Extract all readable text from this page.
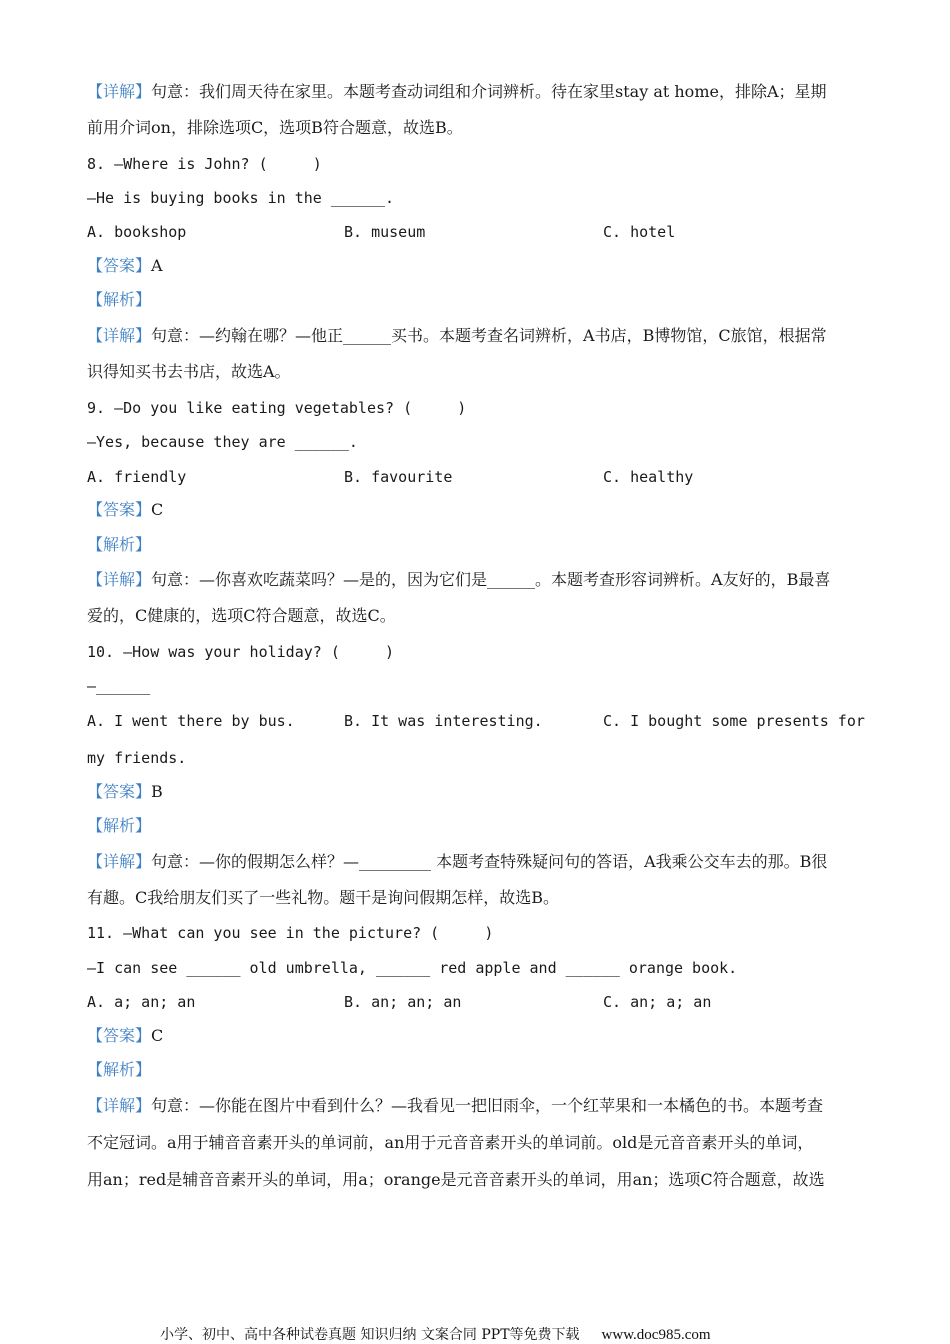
【详解】句意：我们周天待在家里。本题考查动词组和介词辨析。待在家里stay at home，排除A；星期
前用介词on，排除选项C，选项B符合题意，故选B。
8. —Where is John? (     )
—He is buying books in the ______.
A. bookshop	B. museum	C. hotel
【答案】A
【解析】
【详解】句意：—约翰在哪？—他正______买书。本题考查名词辨析，A书店，B博物馆，C旅馆，根据常
识得知买书去书店，故选A。
9. —Do you like eating vegetables? (     )
—Yes, because they are ______.
A. friendly	B. favourite	C. healthy
【答案】C
【解析】
【详解】句意：—你喜欢吃蔬菜吗？—是的，因为它们是______。本题考查形容词辨析。A友好的，B最喜
爱的，C健康的，选项C符合题意，故选C。
10. —How was your holiday? (     )
—______
A. I went there by bus.	B. It was interesting.	C. I bought some presents for
my friends.
【答案】B
【解析】
【详解】句意：—你的假期怎么样？—_________ 本题考查特殊疑问句的答语，A我乘公交车去的那。B很
有趣。C我给朋友们买了一些礼物。题干是询问假期怎样，故选B。
11. —What can you see in the picture? (     )
—I can see ______ old umbrella, ______ red apple and ______ orange book.
A. a; an; an	B. an; an; an	C. an; a; an
【答案】C
【解析】
【详解】句意：—你能在图片中看到什么？—我看见一把旧雨伞，一个红苹果和一本橘色的书。本题考查
不定冠词。a用于辅音音素开头的单词前，an用于元音音素开头的单词前。old是元音音素开头的单词，
用an；red是辅音音素开头的单词，用a；orange是元音音素开头的单词，用an；选项C符合题意，故选
小学、初中、高中各种试卷真题 知识归纳 文案合同 PPT等免费下载 www.doc985.com
